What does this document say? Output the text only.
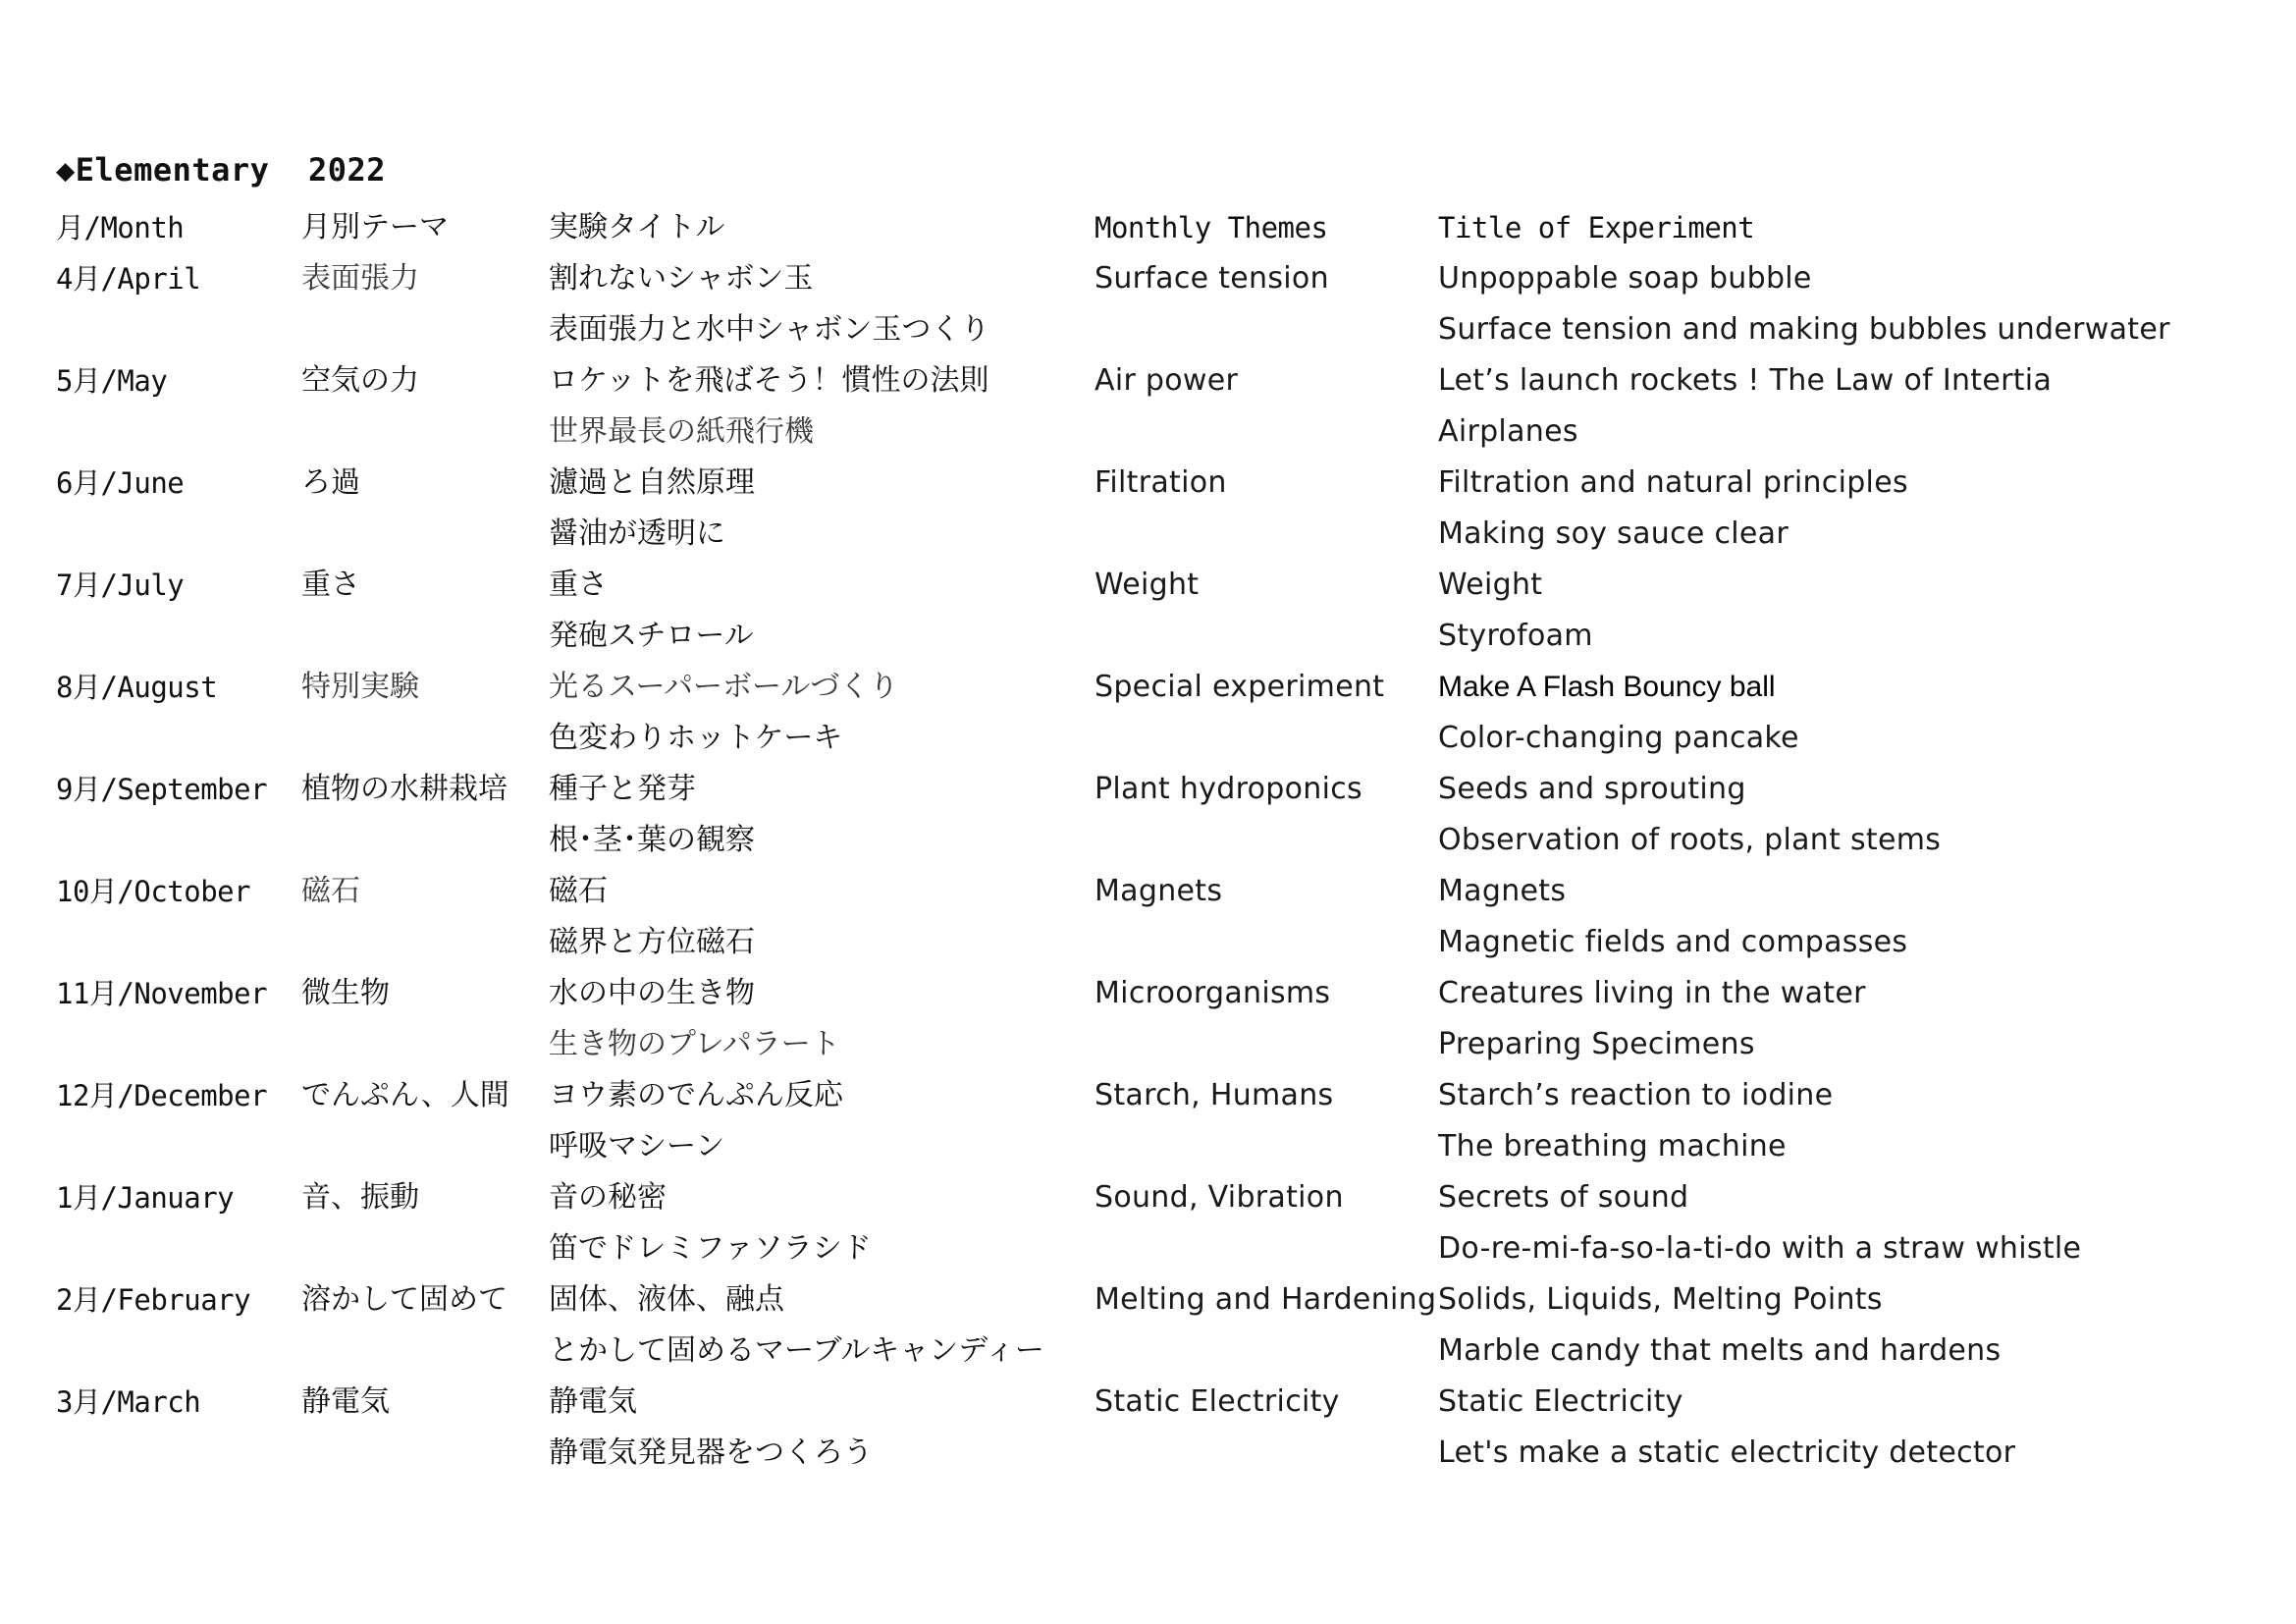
◆Elementary  2022
月/Month	月別テーマ	実験タイトル	Monthly Themes	Title of Experiment
4月/April	表面張力	割れないシャボン玉	Surface tension	Unpoppable soap bubble
		表面張力と水中シャボン玉つくり		Surface tension and making bubbles underwater
5月/May	空気の力	ロケットを飛ばそう！慣性の法則	Air power	Let’s launch rockets ! The Law of Intertia
		世界最長の紙飛行機		Airplanes
6月/June	ろ過	濾過と自然原理	Filtration	Filtration and natural principles
		醤油が透明に		Making soy sauce clear
7月/July	重さ	重さ	Weight	Weight
		発砲スチロール		Styrofoam
8月/August	特別実験	光るスーパーボールづくり	Special experiment	Make A Flash Bouncy ball
		色変わりホットケーキ		Color-changing pancake
9月/September	植物の水耕栽培	種子と発芽	Plant hydroponics	Seeds and sprouting
		根･茎･葉の観察		Observation of roots, plant stems
10月/October	磁石	磁石	Magnets	Magnets
		磁界と方位磁石		Magnetic fields and compasses
11月/November	微生物	水の中の生き物	Microorganisms	Creatures living in the water
		生き物のプレパラート		Preparing Specimens
12月/December	でんぷん、人間	ヨウ素のでんぷん反応	Starch, Humans	Starch’s reaction to iodine
		呼吸マシーン		The breathing machine
1月/January	音、振動	音の秘密	Sound, Vibration	Secrets of sound
		笛でドレミファソラシド		Do-re-mi-fa-so-la-ti-do with a straw whistle
2月/February	溶かして固めて	固体、液体、融点	Melting and Hardening	Solids, Liquids, Melting Points
		とかして固めるマーブルキャンディー		Marble candy that melts and hardens
3月/March	静電気	静電気	Static Electricity	Static Electricity
		静電気発見器をつくろう		Let's make a static electricity detector
